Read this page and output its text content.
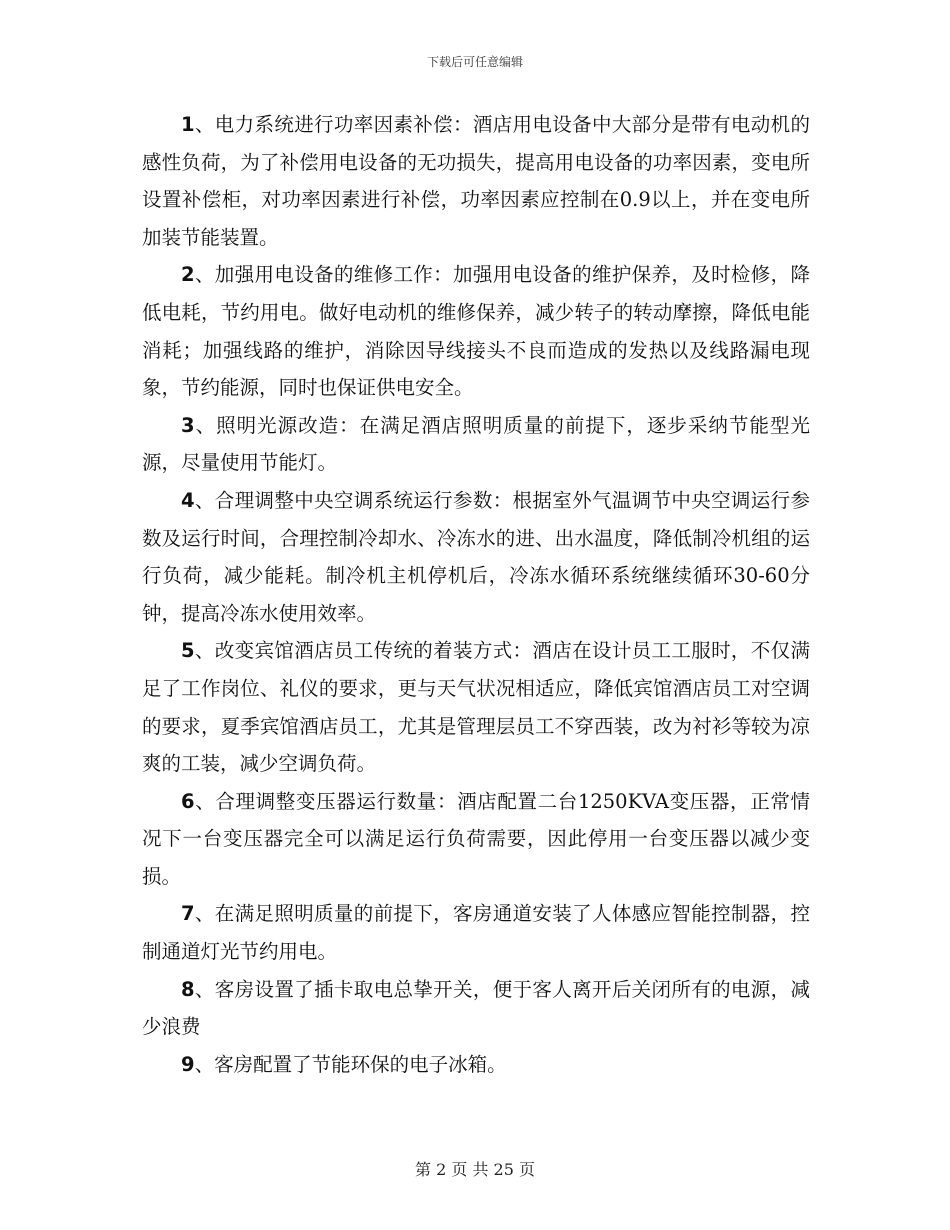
下载后可任意编辑

1、电力系统进行功率因素补偿：酒店用电设备中大部分是带有电动机的感性负荷，为了补偿用电设备的无功损失，提高用电设备的功率因素，变电所设置补偿柜，对功率因素进行补偿，功率因素应控制在0.9以上，并在变电所加装节能装置。

2、加强用电设备的维修工作：加强用电设备的维护保养，及时检修，降低电耗，节约用电。做好电动机的维修保养，减少转子的转动摩擦，降低电能消耗；加强线路的维护，消除因导线接头不良而造成的发热以及线路漏电现象，节约能源，同时也保证供电安全。

3、照明光源改造：在满足酒店照明质量的前提下，逐步采纳节能型光源，尽量使用节能灯。

4、合理调整中央空调系统运行参数：根据室外气温调节中央空调运行参数及运行时间，合理控制冷却水、冷冻水的进、出水温度，降低制冷机组的运行负荷，减少能耗。制冷机主机停机后，冷冻水循环系统继续循环30-60分钟，提高冷冻水使用效率。

5、改变宾馆酒店员工传统的着装方式：酒店在设计员工工服时，不仅满足了工作岗位、礼仪的要求，更与天气状况相适应，降低宾馆酒店员工对空调的要求，夏季宾馆酒店员工，尤其是管理层员工不穿西装，改为衬衫等较为凉爽的工装，减少空调负荷。

6、合理调整变压器运行数量：酒店配置二台1250KVA变压器，正常情况下一台变压器完全可以满足运行负荷需要，因此停用一台变压器以减少变损。

7、在满足照明质量的前提下，客房通道安装了人体感应智能控制器，控制通道灯光节约用电。

8、客房设置了插卡取电总挚开关，便于客人离开后关闭所有的电源，减少浪费

9、客房配置了节能环保的电子冰箱。

第 2 页 共 25 页
